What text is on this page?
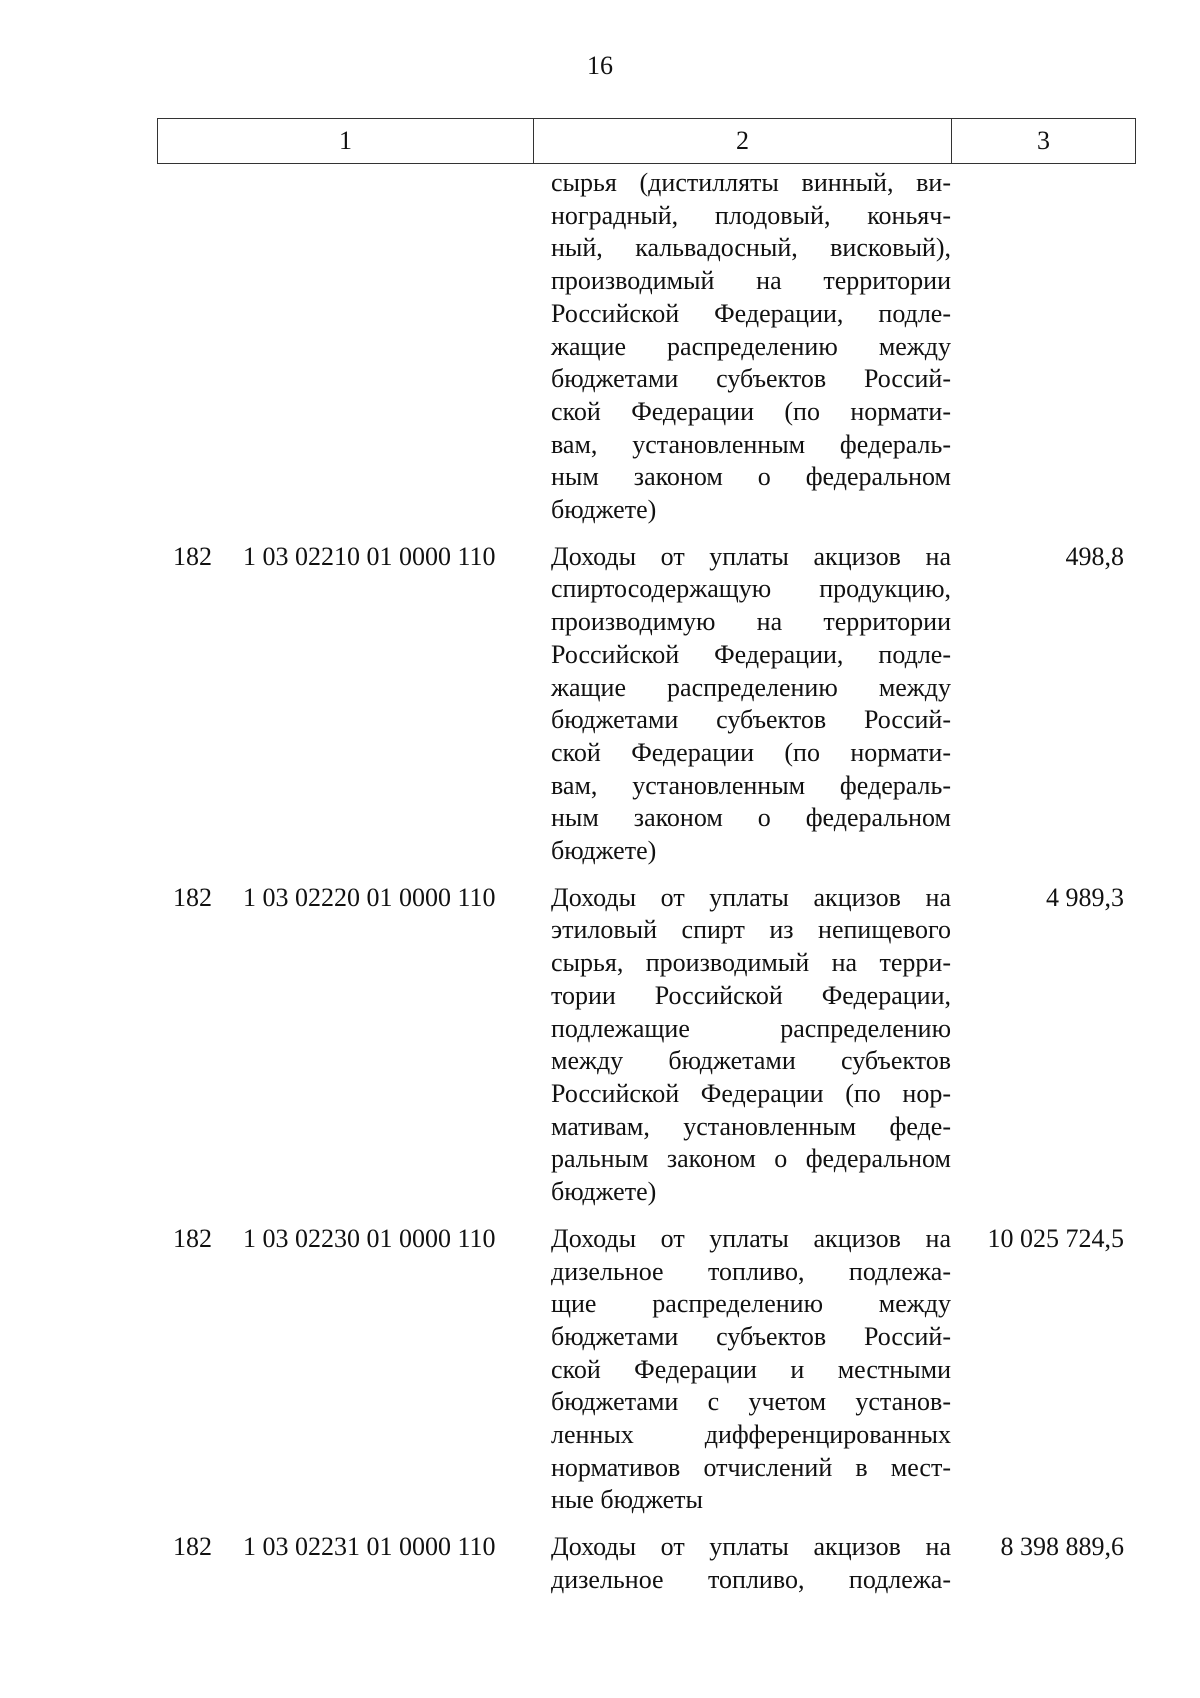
16
1	2	3
сырья (дистилляты винный, ви-
ноградный, плодовый, коньяч-
ный, кальвадосный, висковый),
производимый на территории
Российской Федерации, подле-
жащие распределению между
бюджетами субъектов Россий-
ской Федерации (по нормати-
вам, установленным федераль-
ным законом о федеральном
бюджете)
182 1 03 02210 01 0000 110 Доходы от уплаты акцизов на
спиртосодержащую продукцию,
производимую на территории
Российской Федерации, подле-
жащие распределению между
бюджетами субъектов Россий-
ской Федерации (по нормати-
вам, установленным федераль-
ным законом о федеральном
бюджете)
498,8
182 1 03 02220 01 0000 110 Доходы от уплаты акцизов на
этиловый спирт из непищевого
сырья, производимый на терри-
тории Российской Федерации,
подлежащие распределению
между бюджетами субъектов
Российской Федерации (по нор-
мативам, установленным феде-
ральным законом о федеральном
бюджете)
4 989,3
182 1 03 02230 01 0000 110 Доходы от уплаты акцизов на
дизельное топливо, подлежа-
щие распределению между
бюджетами субъектов Россий-
ской Федерации и местными
бюджетами с учетом установ-
ленных дифференцированных
нормативов отчислений в мест-
ные бюджеты
10 025 724,5
182 1 03 02231 01 0000 110 Доходы от уплаты акцизов на
дизельное топливо, подлежа-
8 398 889,6
